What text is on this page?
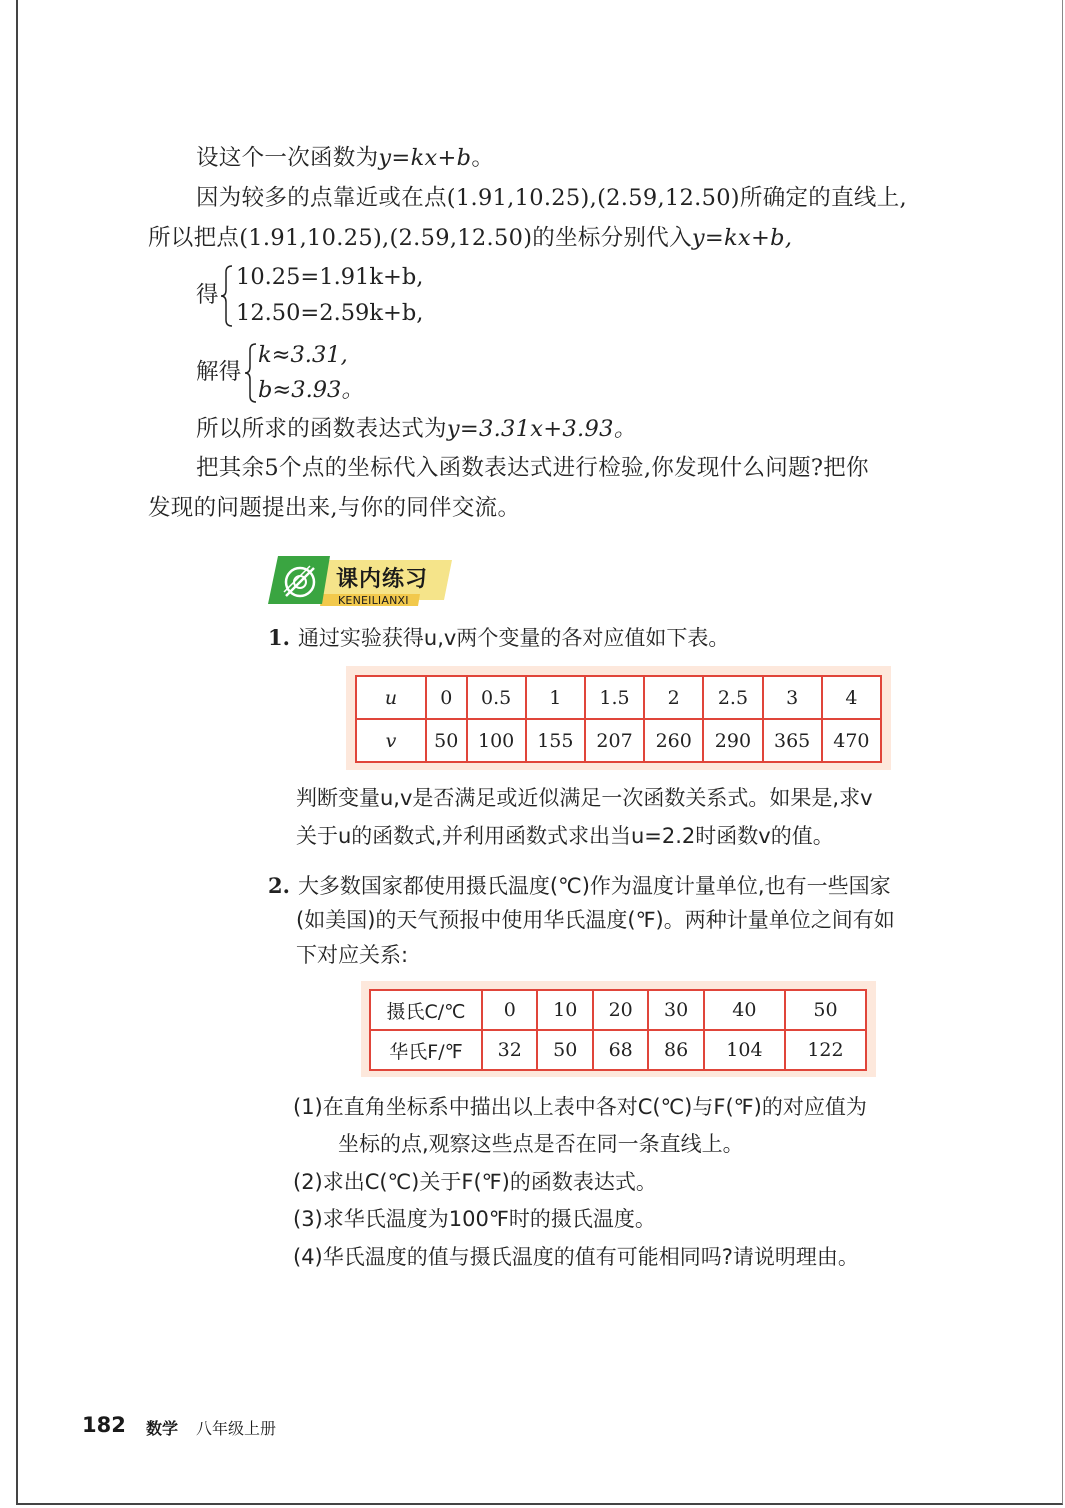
设这个一次函数为y=kx+b。
因为较多的点靠近或在点(1.91,10.25),(2.59,12.50)所确定的直线上,
所以把点(1.91,10.25),(2.59,12.50)的坐标分别代入y=kx+b,
得
10.25=1.91k+b,
12.50=2.59k+b,
解得
k≈3.31,
b≈3.93。
所以所求的函数表达式为y=3.31x+3.93。
把其余5个点的坐标代入函数表达式进行检验,你发现什么问题?把你
发现的问题提出来,与你的同伴交流。
课内练习
KENEILIANXI
1. 通过实验获得u,v两个变量的各对应值如下表。
u	0	0.5	1	1.5	2	2.5	3	4
v	50	100	155	207	260	290	365	470
判断变量u,v是否满足或近似满足一次函数关系式。如果是,求v
关于u的函数式,并利用函数式求出当u=2.2时函数v的值。
2. 大多数国家都使用摄氏温度(℃)作为温度计量单位,也有一些国家
(如美国)的天气预报中使用华氏温度(℉)。两种计量单位之间有如
下对应关系:
摄氏C/℃	0	10	20	30	40	50
华氏F/℉	32	50	68	86	104	122
(1)在直角坐标系中描出以上表中各对C(℃)与F(℉)的对应值为
坐标的点,观察这些点是否在同一条直线上。
(2)求出C(℃)关于F(℉)的函数表达式。
(3)求华氏温度为100℉时的摄氏温度。
(4)华氏温度的值与摄氏温度的值有可能相同吗?请说明理由。
182 数学 八年级上册
